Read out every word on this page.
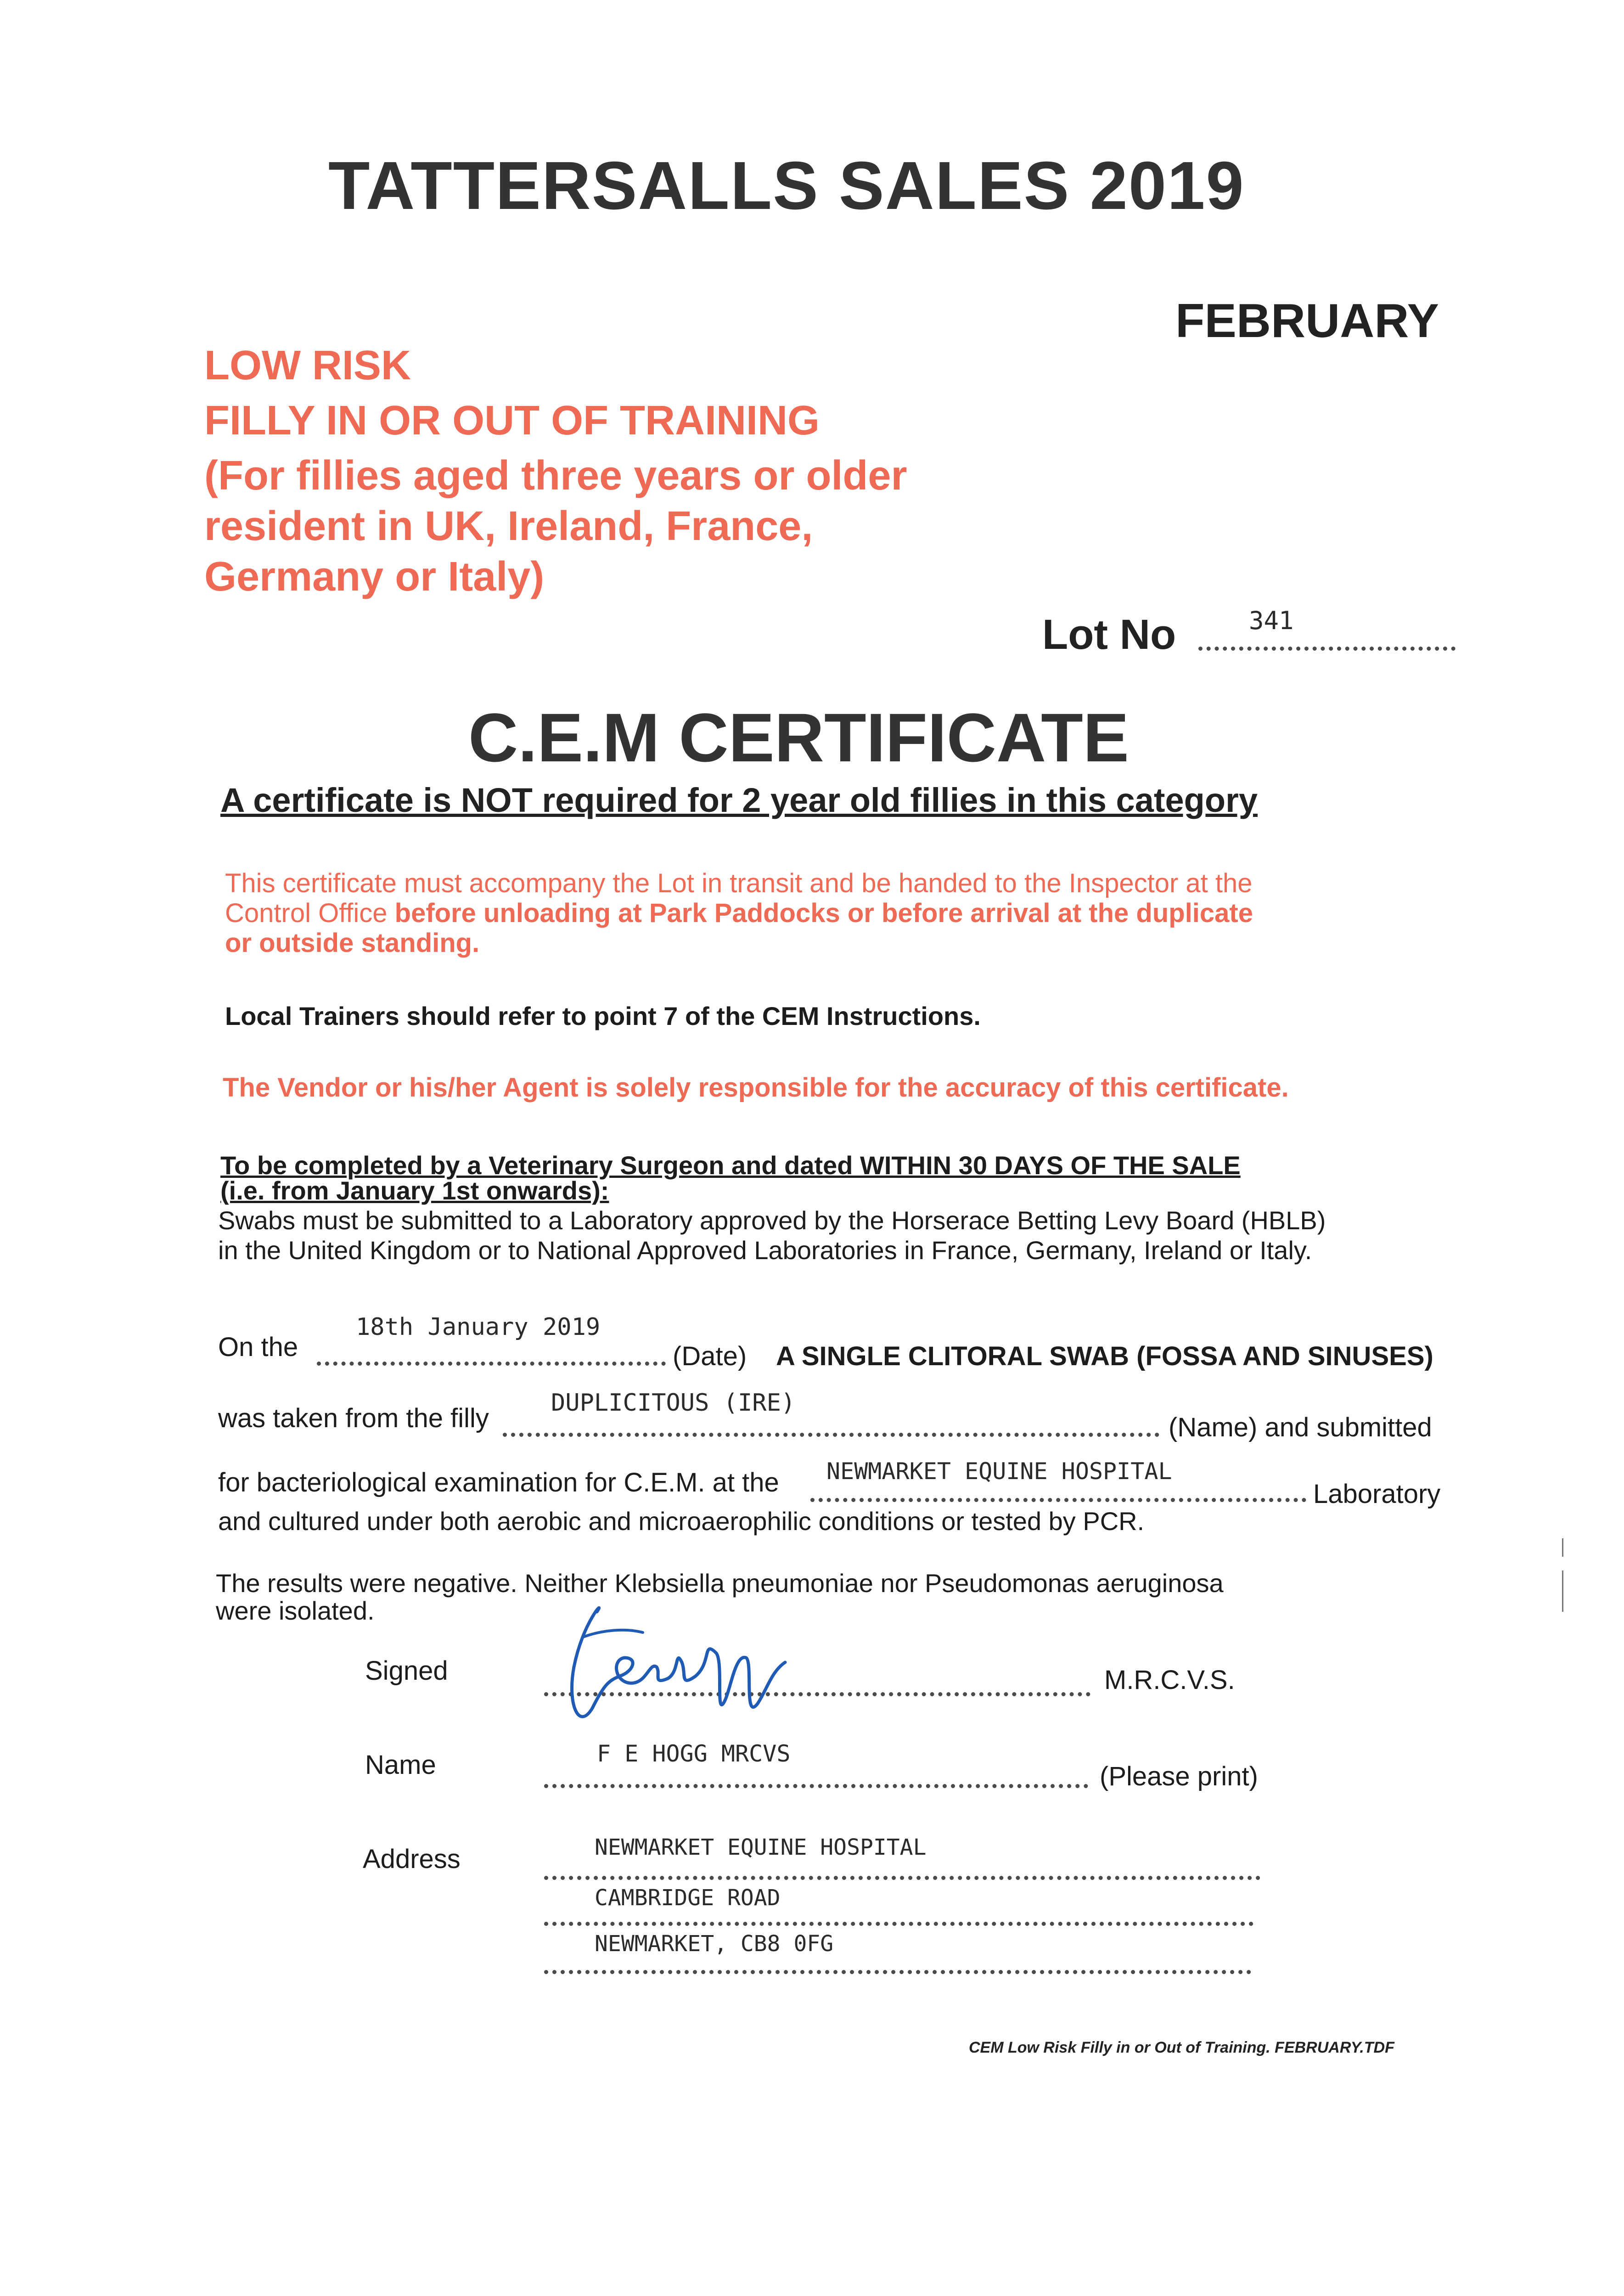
TATTERSALLS SALES 2019
FEBRUARY
LOW RISK
FILLY IN OR OUT OF TRAINING
(For fillies aged three years or older
resident in UK, Ireland, France,
Germany or Italy)
Lot No	341
C.E.M CERTIFICATE
A certificate is NOT required for 2 year old fillies in this category
This certificate must accompany the Lot in transit and be handed to the Inspector at the
Control Office before unloading at Park Paddocks or before arrival at the duplicate
or outside standing.
Local Trainers should refer to point 7 of the CEM Instructions.
The Vendor or his/her Agent is solely responsible for the accuracy of this certificate.
To be completed by a Veterinary Surgeon and dated WITHIN 30 DAYS OF THE SALE
(i.e. from January 1st onwards):
Swabs must be submitted to a Laboratory approved by the Horserace Betting Levy Board (HBLB)
in the United Kingdom or to National Approved Laboratories in France, Germany, Ireland or Italy.
On the
18th January 2019
(Date) A SINGLE CLITORAL SWAB (FOSSA AND SINUSES)
was taken from the filly
DUPLICITOUS (IRE)
(Name) and submitted
for bacteriological examination for C.E.M. at the NEWMARKET EQUINE HOSPITAL
Laboratory
and cultured under both aerobic and microaerophilic conditions or tested by PCR.
The results were negative. Neither Klebsiella pneumoniae nor Pseudomonas aeruginosa
were isolated.
Signed	M.R.C.V.S.
Name	F E HOGG MRCVS
(Please print)
Address	NEWMARKET EQUINE HOSPITAL
CAMBRIDGE ROAD
NEWMARKET, CB8 0FG
CEM Low Risk Filly in or Out of Training. FEBRUARY.TDF
